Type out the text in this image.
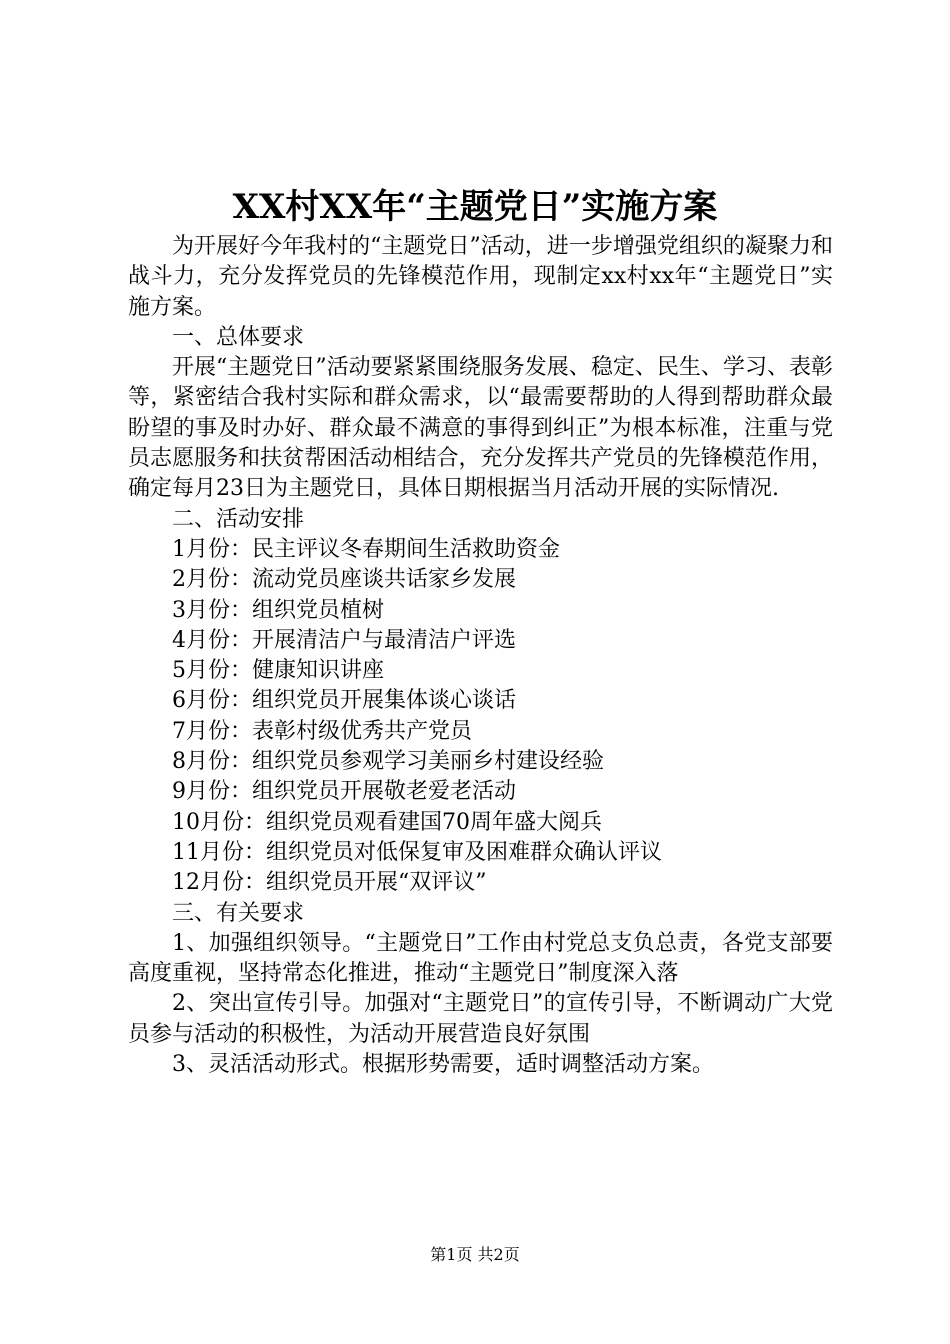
XX村XX年“主题党日”实施方案

为开展好今年我村的“主题党日”活动，进一步增强党组织的凝聚力和战斗力，充分发挥党员的先锋模范作用，现制定xx村xx年“主题党日”实施方案。

一、总体要求

开展“主题党日”活动要紧紧围绕服务发展、稳定、民生、学习、表彰等，紧密结合我村实际和群众需求，以“最需要帮助的人得到帮助群众最盼望的事及时办好、群众最不满意的事得到纠正”为根本标准，注重与党员志愿服务和扶贫帮困活动相结合，充分发挥共产党员的先锋模范作用，确定每月23日为主题党日，具体日期根据当月活动开展的实际情况.

二、活动安排

1月份：民主评议冬春期间生活救助资金
2月份：流动党员座谈共话家乡发展
3月份：组织党员植树
4月份：开展清洁户与最清洁户评选
5月份：健康知识讲座
6月份：组织党员开展集体谈心谈话
7月份：表彰村级优秀共产党员
8月份：组织党员参观学习美丽乡村建设经验
9月份：组织党员开展敬老爱老活动
10月份：组织党员观看建国70周年盛大阅兵
11月份：组织党员对低保复审及困难群众确认评议
12月份：组织党员开展“双评议”

三、有关要求

1、加强组织领导。“主题党日”工作由村党总支负总责，各党支部要高度重视，坚持常态化推进，推动“主题党日”制度深入落

2、突出宣传引导。加强对“主题党日”的宣传引导，不断调动广大党员参与活动的积极性，为活动开展营造良好氛围

3、灵活活动形式。根据形势需要，适时调整活动方案。

第1页 共2页
